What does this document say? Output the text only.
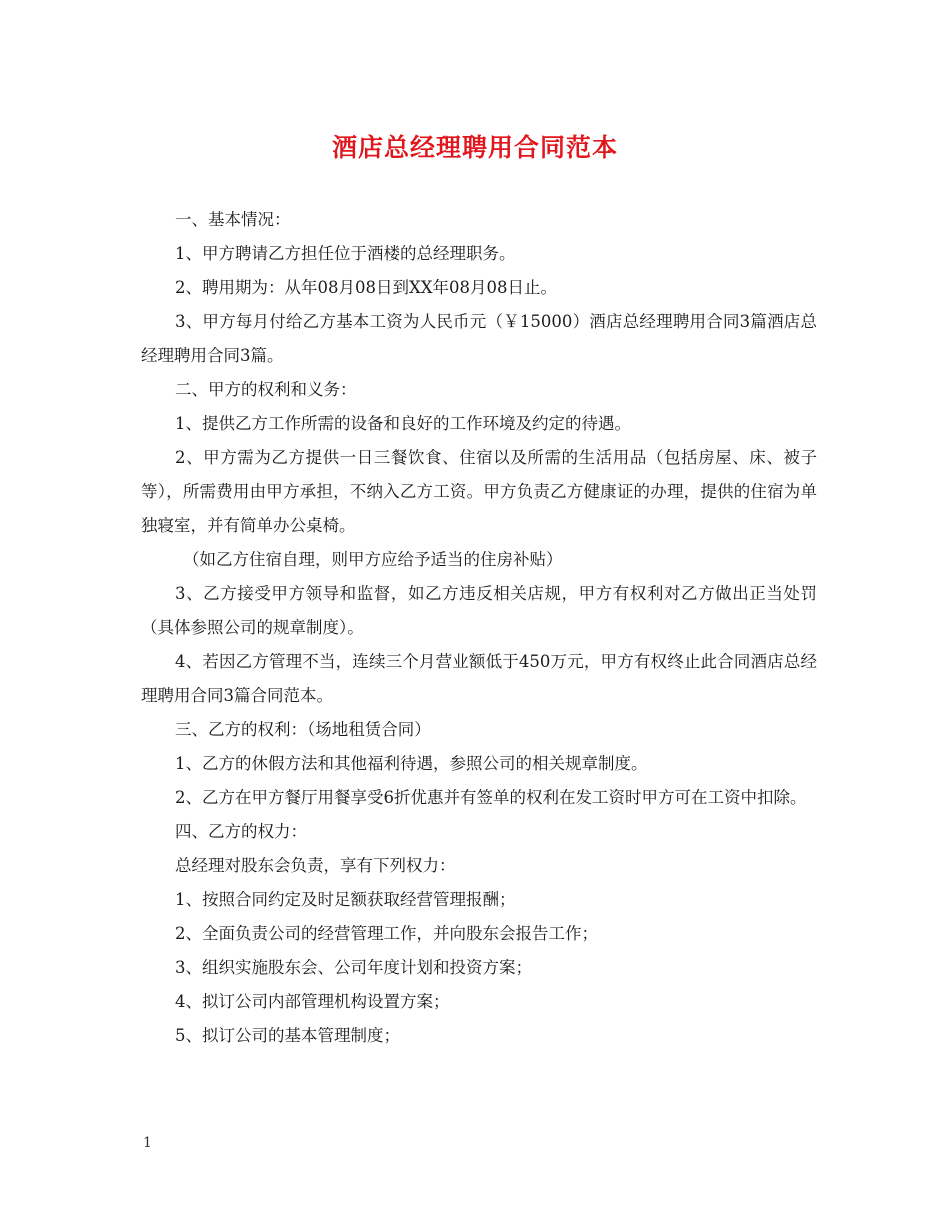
酒店总经理聘用合同范本

一、基本情况：

1、甲方聘请乙方担任位于酒楼的总经理职务。

2、聘用期为：从年08月08日到XX年08月08日止。

3、甲方每月付给乙方基本工资为人民币元（￥15000）酒店总经理聘用合同3篇酒店总经理聘用合同3篇。

二、甲方的权利和义务：

1、提供乙方工作所需的设备和良好的工作环境及约定的待遇。

2、甲方需为乙方提供一日三餐饮食、住宿以及所需的生活用品（包括房屋、床、被子等），所需费用由甲方承担，不纳入乙方工资。甲方负责乙方健康证的办理，提供的住宿为单独寝室，并有简单办公桌椅。

（如乙方住宿自理，则甲方应给予适当的住房补贴）

3、乙方接受甲方领导和监督，如乙方违反相关店规，甲方有权利对乙方做出正当处罚（具体参照公司的规章制度）。

4、若因乙方管理不当，连续三个月营业额低于450万元，甲方有权终止此合同酒店总经理聘用合同3篇合同范本。

三、乙方的权利：（场地租赁合同）

1、乙方的休假方法和其他福利待遇，参照公司的相关规章制度。

2、乙方在甲方餐厅用餐享受6折优惠并有签单的权利在发工资时甲方可在工资中扣除。

四、乙方的权力：

总经理对股东会负责，享有下列权力：

1、按照合同约定及时足额获取经营管理报酬；

2、全面负责公司的经营管理工作，并向股东会报告工作；

3、组织实施股东会、公司年度计划和投资方案；

4、拟订公司内部管理机构设置方案；

5、拟订公司的基本管理制度；

1
